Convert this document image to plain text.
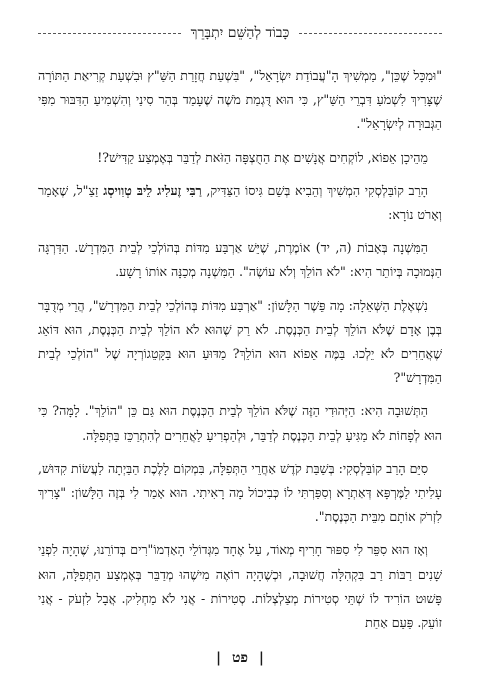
כָּבוֹד לְהַשֵּׁם יִתְבָּרֵךְ

"וּמִכָּל שֶׁכֵּן", מַמְשִׁיךְ הָ"עֲבוֹדַת יִשְׂרָאֵל", "בִּשְׁעַת חֲזָרַת הַשַּׁ"ץ וּבִשְׁעַת קְרִיאַת הַתּוֹרָה שֶׁצָּרִיךְ לִשְׁמֹעַ דִּבְרֵי הַשַּׁ"ץ, כִּי הוּא דֻּגְמַת מֹשֶׁה שֶׁעָמַד בְּהַר סִינַי וְהִשְׁמִיעַ הַדִּבּוּר מִפִּי הַגְּבוּרָה לְיִשְׂרָאֵל".

מֵהֵיכָן אֵפוֹא, לוֹקְחִים אֲנָשִׁים אֶת הַחֻצְפָּה הַזֹּאת לְדַבֵּר בְּאֶמְצַע קַדִּישׁ?!

הָרַב קוֹבַּלְסְקִי הִמְשִׁיךְ וְהֵבִיא בְּשֵׁם גִּיסוֹ הַצַּדִּיק, רַבִּי זֶעלִיג לֵיבּ טְוִויסְג זַצַ"ל, שֶׁאָמַר וְאָרֹט נוֹרָא:

הַמִּשְׁנָה בְּאָבוֹת (ה, יד) אוֹמֶרֶת, שֶׁיֵּשׁ אַרְבַּע מִדּוֹת בְּהוֹלְכֵי לְבֵית הַמִּדְרָשׁ. הַדַּרְגָּה הַנְּמוּכָה בְּיוֹתֵר הִיא: "לֹא הוֹלֵךְ וְלֹא עוֹשֶׂה". הַמִּשְׁנָה מְכַנָּה אוֹתוֹ רָשָׁע.

נִשְׁאֶלֶת הַשְּׁאֵלָה: מָה פֵּשֶׁר הַלָּשׁוֹן: "אַרְבַּע מִדּוֹת בְּהוֹלְכֵי לְבֵית הַמִּדְרָשׁ", הֲרֵי מְדֻבָּר בְּבֶן אָדָם שֶׁלֹּא הוֹלֵךְ לְבֵית הַכְּנֶסֶת. לֹא רַק שֶׁהוּא לֹא הוֹלֵךְ לְבֵית הַכְּנֶסֶת, הוּא דּוֹאֵג שֶׁאֲחֵרִים לֹא יֵלְכוּ. בַּמֶּה אֵפוֹא הוּא הוֹלֵךְ? מַדּוּעַ הוּא בַּקָּטֵגוֹרְיָה שֶׁל "הוֹלְכֵי לְבֵית הַמִּדְרָשׁ"?

הַתְּשׁוּבָה הִיא: הַיְּהוּדִי הַזֶּה שֶׁלֹּא הוֹלֵךְ לְבֵית הַכְּנֶסֶת הוּא גַּם כֵּן "הוֹלֵךְ". לָמָּה? כִּי הוּא לְפָחוֹת לֹא מַגִּיעַ לְבֵית הַכְּנֶסֶת לְדַבֵּר, וּלְהַפְרִיעַ לַאֲחֵרִים לְהִתְרַכֵּז בַּתְּפִלָּה.

סִיֵּם הָרַב קוֹבַּלְסְקִי: בְּשַׁבַּת קֹדֶשׁ אַחֲרֵי הַתְּפִלָּה, בִּמְקוֹם לָלֶכֶת הַבַּיְתָה לַעֲשׂוֹת קִדּוּשׁ, עָלִיתִי לַמֶּרְפָּא דְּאַתְרָא וְסִפַּרְתִּי לוֹ כְּבִיכוֹל מָה רָאִיתִי. הוּא אָמַר לִי בְּזֶה הַלָּשׁוֹן: "צָרִיךְ לִזְרֹק אוֹתָם מִבֵּית הַכְּנֶסֶת".

וְאָז הוּא סִפֵּר לִי סִפּוּר חָרִיף מְאוֹד, עַל אֶחָד מִגְּדוֹלֵי הָאַדְמוֹ"רִים בְּדוֹרֵנוּ, שֶׁהָיָה לִפְנֵי שָׁנִים רַבּוֹת רַב בִּקְהִלָּה חֲשׁוּבָה, וּכְשֶׁהָיָה רוֹאֶה מִישֶׁהוּ מְדַבֵּר בְּאֶמְצַע הַתְּפִלָּה, הוּא פָּשׁוּט הוֹרִיד לוֹ שְׁתֵּי סְטִירוֹת מְצַלְצְלוֹת. סְטִירוֹת - אֲנִי לֹא מַחְלִיק. אֲבָל לִזְעֹק - אֲנִי זוֹעֵק. פַּעַם אַחַת

| פט |
